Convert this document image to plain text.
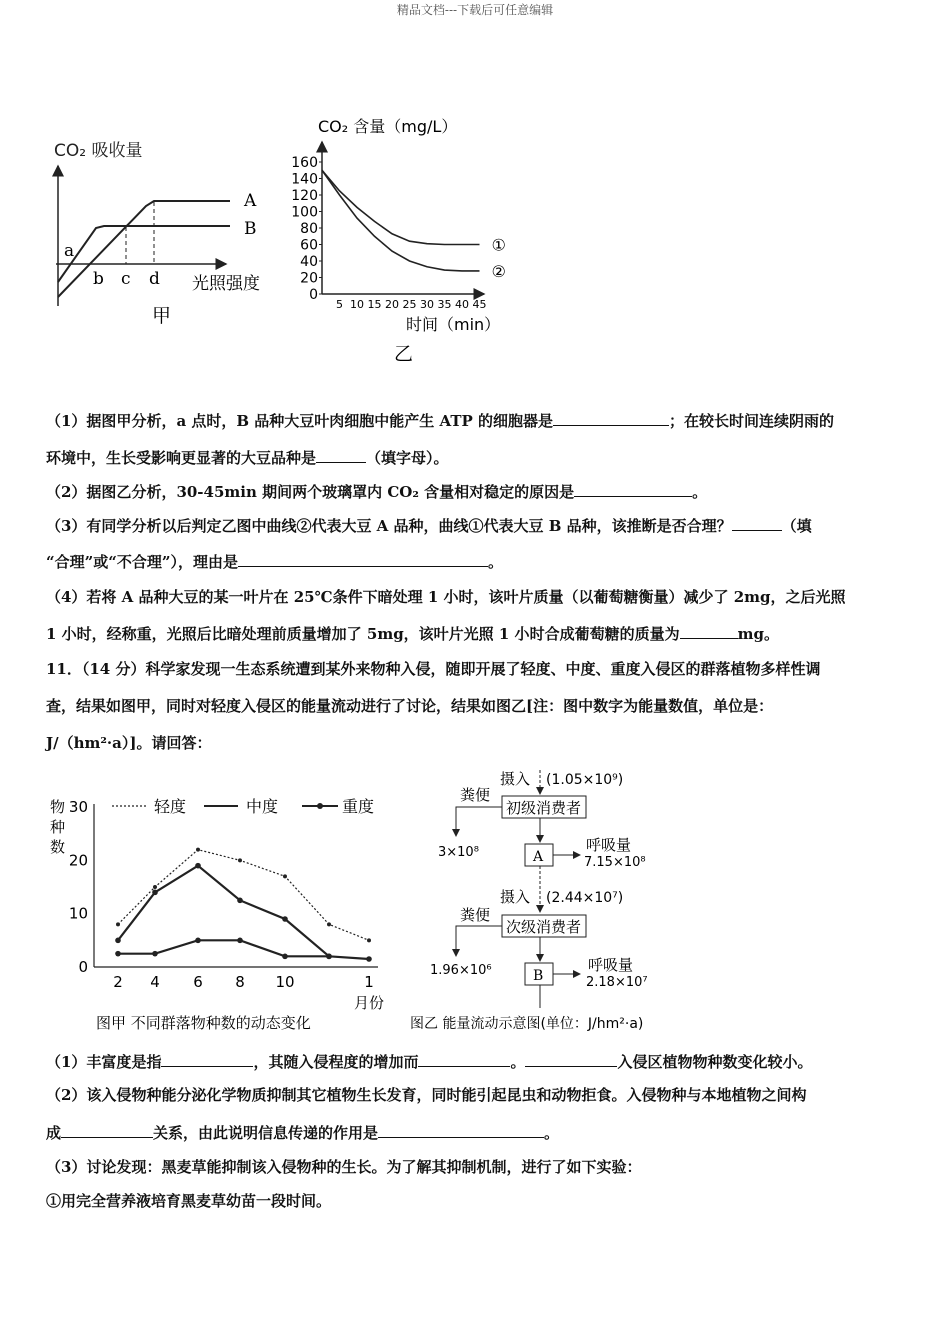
精品文档---下载后可任意编辑
CO₂ 吸收量
a
b c d
A
B
光照强度
甲
CO₂ 含量（mg/L）
0
20
40
60
80
100
120
140
160
5 10 15 20 25 30 35 40 45
①
②
时间（min）
乙
（1）据图甲分析，a 点时，B 品种大豆叶肉细胞中能产生 ATP 的细胞器是	；在较长时间连续阴雨的
环境中，生长受影响更显著的大豆品种是	（填字母）。
（2）据图乙分析，30-45min 期间两个玻璃罩内 CO₂ 含量相对稳定的原因是	。
（3）有同学分析以后判定乙图中曲线②代表大豆 A 品种，曲线①代表大豆 B 品种，该推断是否合理？	（填
“合理”或“不合理”），理由是	。
（4）若将 A 品种大豆的某一叶片在 25℃条件下暗处理 1 小时，该叶片质量（以葡萄糖衡量）减少了 2mg，之后光照
1 小时，经称重，光照后比暗处理前质量增加了 5mg，该叶片光照 1 小时合成葡萄糖的质量为	mg。
11．（14 分）科学家发现一生态系统遭到某外来物种入侵，随即开展了轻度、中度、重度入侵区的群落植物多样性调
查，结果如图甲，同时对轻度入侵区的能量流动进行了讨论，结果如图乙[注：图中数字为能量数值，单位是：
J/（hm²·a）]。请回答：
物
种
数
0
10
20
30
2 4 6 8 10	1
轻度	中度	重度
月份
图甲 不同群落物种数的动态变化
摄入 (1.05×10⁹)
初级消费者
粪便
3×10⁸	A
呼吸量
7.15×10⁸
摄入 (2.44×10⁷)
次级消费者
粪便
1.96×10⁶	B
呼吸量
2.18×10⁷
图乙 能量流动示意图(单位：J/hm²·a)
（1）丰富度是指	，其随入侵程度的增加而	。	入侵区植物物种数变化较小。
（2）该入侵物种能分泌化学物质抑制其它植物生长发育，同时能引起昆虫和动物拒食。入侵物种与本地植物之间构
成	关系，由此说明信息传递的作用是	。
（3）讨论发现：黑麦草能抑制该入侵物种的生长。为了解其抑制机制，进行了如下实验：
①用完全营养液培育黑麦草幼苗一段时间。
